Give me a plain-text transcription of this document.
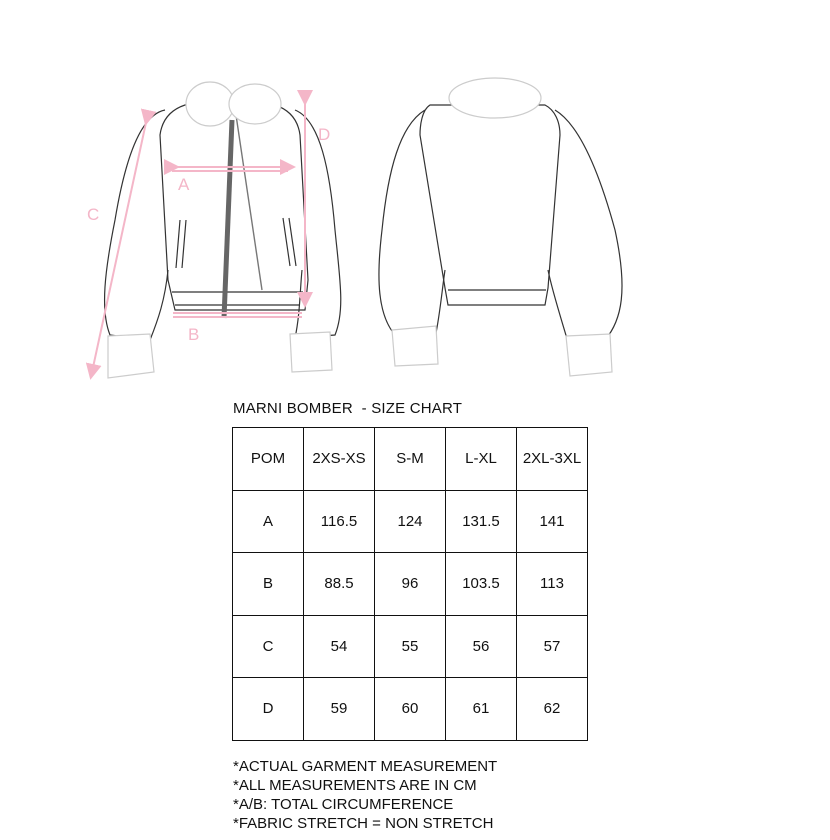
A
B
C
D
MARNI BOMBER  - SIZE CHART
POM	2XS-XS	S-M	L-XL	2XL-3XL
A	116.5	124	131.5	141
B	88.5	96	103.5	113
C	54	55	56	57
D	59	60	61	62
*ACTUAL GARMENT MEASUREMENT
*ALL MEASUREMENTS ARE IN CM
*A/B: TOTAL CIRCUMFERENCE
*FABRIC STRETCH = NON STRETCH
